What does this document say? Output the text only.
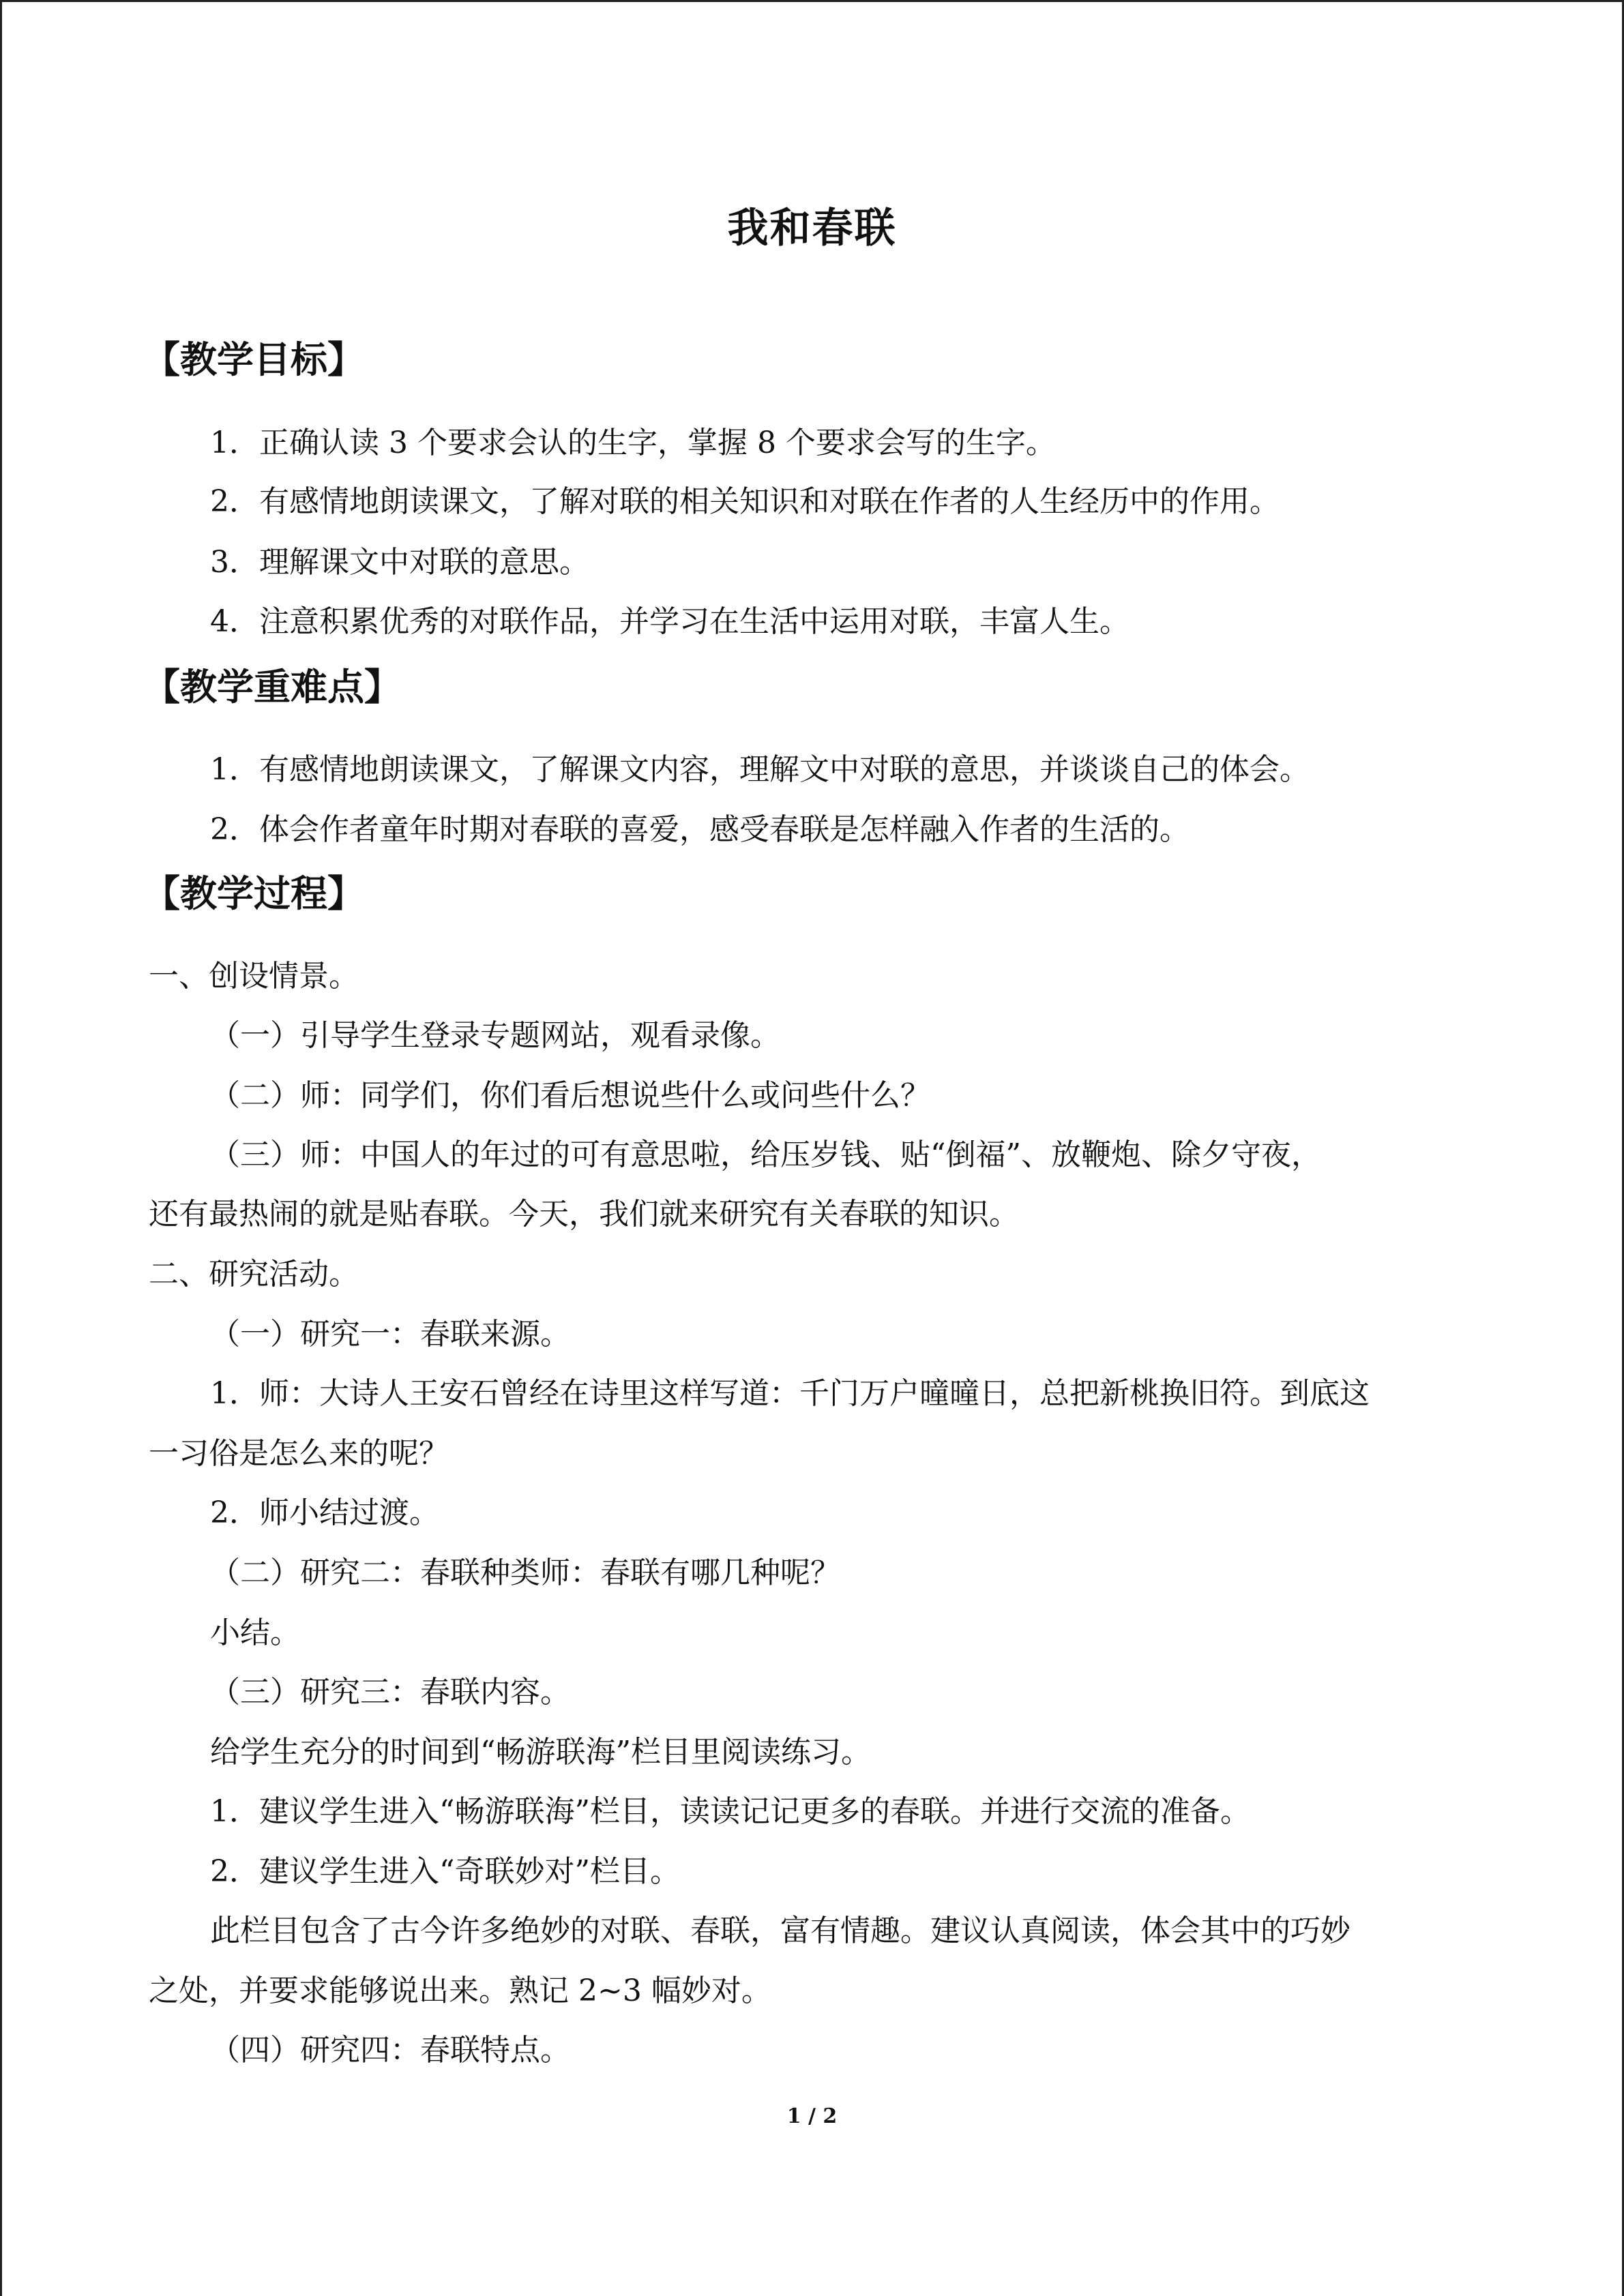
我和春联
【教学目标】
1．正确认读 3 个要求会认的生字，掌握 8 个要求会写的生字。
2．有感情地朗读课文，了解对联的相关知识和对联在作者的人生经历中的作用。
3．理解课文中对联的意思。
4．注意积累优秀的对联作品，并学习在生活中运用对联，丰富人生。
【教学重难点】
1．有感情地朗读课文，了解课文内容，理解文中对联的意思，并谈谈自己的体会。
2．体会作者童年时期对春联的喜爱，感受春联是怎样融入作者的生活的。
【教学过程】
一、创设情景。
（一）引导学生登录专题网站，观看录像。
（二）师：同学们，你们看后想说些什么或问些什么？
（三）师：中国人的年过的可有意思啦，给压岁钱、贴“倒福”、放鞭炮、除夕守夜，
还有最热闹的就是贴春联。今天，我们就来研究有关春联的知识。
二、研究活动。
（一）研究一：春联来源。
1．师：大诗人王安石曾经在诗里这样写道：千门万户曈曈日，总把新桃换旧符。到底这
一习俗是怎么来的呢？
2．师小结过渡。
（二）研究二：春联种类师：春联有哪几种呢？
小结。
（三）研究三：春联内容。
给学生充分的时间到“畅游联海”栏目里阅读练习。
1．建议学生进入“畅游联海”栏目，读读记记更多的春联。并进行交流的准备。
2．建议学生进入“奇联妙对”栏目。
此栏目包含了古今许多绝妙的对联、春联，富有情趣。建议认真阅读，体会其中的巧妙
之处，并要求能够说出来。熟记 2~3 幅妙对。
（四）研究四：春联特点。
1 / 2
